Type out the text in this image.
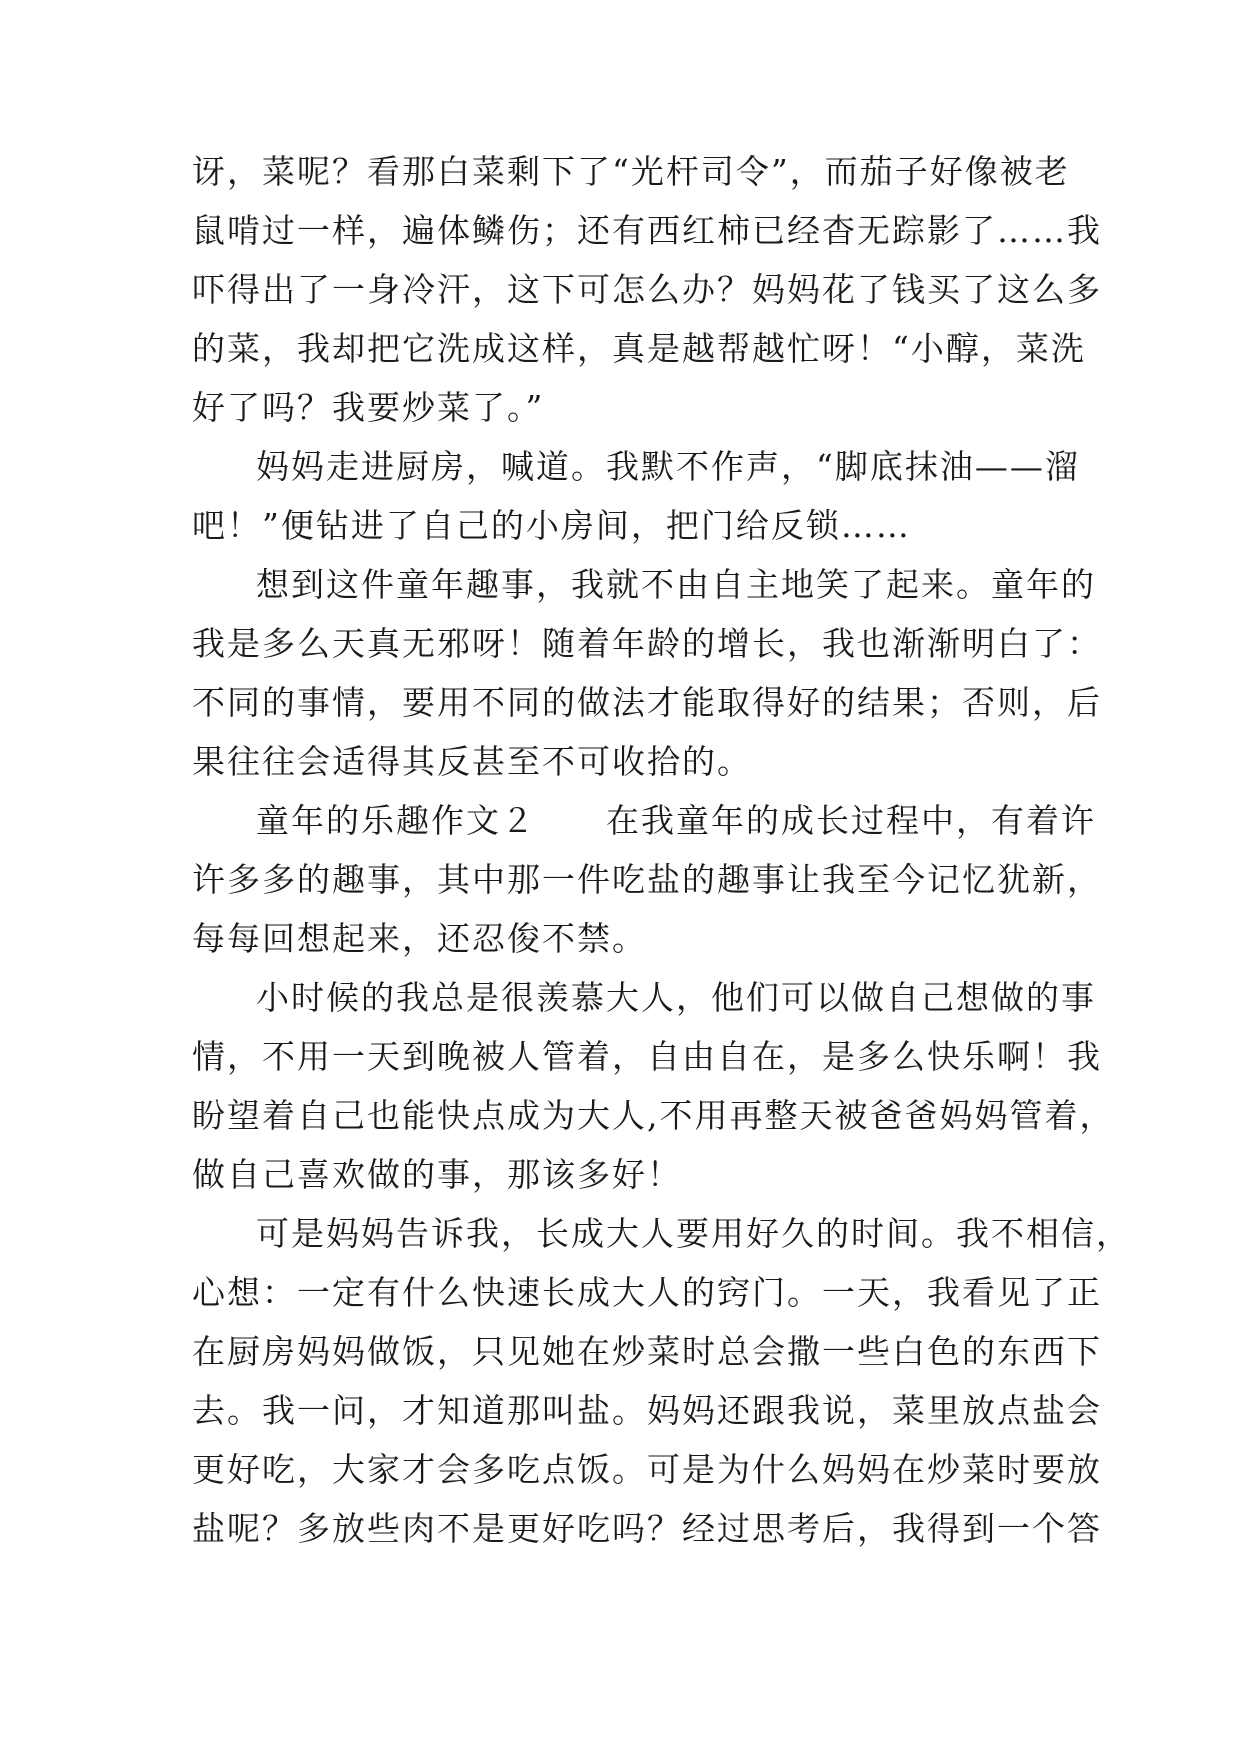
讶，菜呢？看那白菜剩下了“光杆司令”，而茄子好像被老
鼠啃过一样，遍体鳞伤；还有西红柿已经杳无踪影了……我
吓得出了一身冷汗，这下可怎么办？妈妈花了钱买了这么多
的菜，我却把它洗成这样，真是越帮越忙呀！“小醇，菜洗
好了吗？我要炒菜了。”
妈妈走进厨房，喊道。我默不作声，“脚底抹油——溜
吧！”便钻进了自己的小房间，把门给反锁……
想到这件童年趣事，我就不由自主地笑了起来。童年的
我是多么天真无邪呀！随着年龄的增长，我也渐渐明白了：
不同的事情，要用不同的做法才能取得好的结果；否则，后
果往往会适得其反甚至不可收拾的。
童年的乐趣作文２　　在我童年的成长过程中，有着许
许多多的趣事，其中那一件吃盐的趣事让我至今记忆犹新，
每每回想起来，还忍俊不禁。
小时候的我总是很羡慕大人，他们可以做自己想做的事
情，不用一天到晚被人管着，自由自在，是多么快乐啊！我
盼望着自己也能快点成为大人,不用再整天被爸爸妈妈管着，
做自己喜欢做的事，那该多好！
可是妈妈告诉我，长成大人要用好久的时间。我不相信，
心想：一定有什么快速长成大人的窍门。一天，我看见了正
在厨房妈妈做饭，只见她在炒菜时总会撒一些白色的东西下
去。我一问，才知道那叫盐。妈妈还跟我说，菜里放点盐会
更好吃，大家才会多吃点饭。可是为什么妈妈在炒菜时要放
盐呢？多放些肉不是更好吃吗？经过思考后，我得到一个答
